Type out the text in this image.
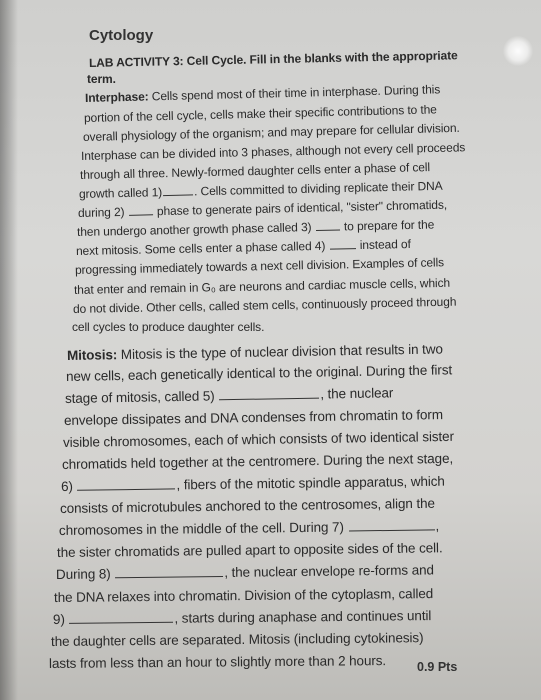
Cytology
LAB ACTIVITY 3: Cell Cycle. Fill in the blanks with the appropriate
term.
Interphase: Cells spend most of their time in interphase. During this
portion of the cell cycle, cells make their specific contributions to the
overall physiology of the organism; and may prepare for cellular division.
Interphase can be divided into 3 phases, although not every cell proceeds
through all three. Newly-formed daughter cells enter a phase of cell
growth called 1)	. Cells committed to dividing replicate their DNA
during 2)	phase to generate pairs of identical, "sister" chromatids,
then undergo another growth phase called 3)	to prepare for the
next mitosis. Some cells enter a phase called 4)	instead of
progressing immediately towards a next cell division. Examples of cells
that enter and remain in G₀ are neurons and cardiac muscle cells, which
do not divide. Other cells, called stem cells, continuously proceed through
cell cycles to produce daughter cells.
Mitosis: Mitosis is the type of nuclear division that results in two
new cells, each genetically identical to the original. During the first
stage of mitosis, called 5)	, the nuclear
envelope dissipates and DNA condenses from chromatin to form
visible chromosomes, each of which consists of two identical sister
chromatids held together at the centromere. During the next stage,
6)	, fibers of the mitotic spindle apparatus, which
consists of microtubules anchored to the centrosomes, align the
chromosomes in the middle of the cell. During 7)	,
the sister chromatids are pulled apart to opposite sides of the cell.
During 8)	, the nuclear envelope re-forms and
the DNA relaxes into chromatin. Division of the cytoplasm, called
9)	, starts during anaphase and continues until
the daughter cells are separated. Mitosis (including cytokinesis)
lasts from less than an hour to slightly more than 2 hours. 0.9 Pts
